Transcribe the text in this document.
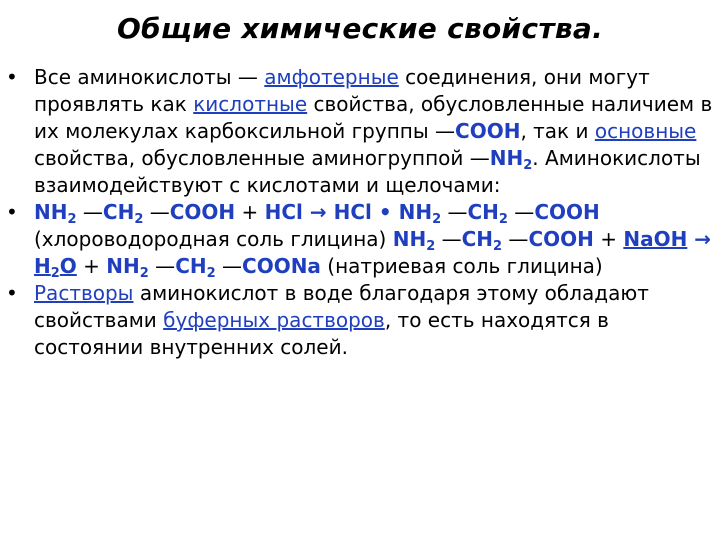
Общие химические свойства.
• Все аминокислоты — амфотерные соединения, они могут проявлять как кислотные свойства, обусловленные наличием в их молекулах карбоксильной группы —COOH, так и основные свойства, обусловленные аминогруппой $—NH_2$. Аминокислоты взаимодействуют с кислотами и щелочами:
• $NH_2$ $—CH_2$ —COOH + HCl → HCl • $NH_2$ $—CH_2$ —COOH (хлороводородная соль глицина) $NH_2$ $—CH_2$ —COOH + NaOH → $H_2O + NH_2$ $—CH_2$ —COONa (натриевая соль глицина)
• Растворы аминокислот в воде благодаря этому обладают свойствами буферных растворов, то есть находятся в состоянии внутренних солей.
